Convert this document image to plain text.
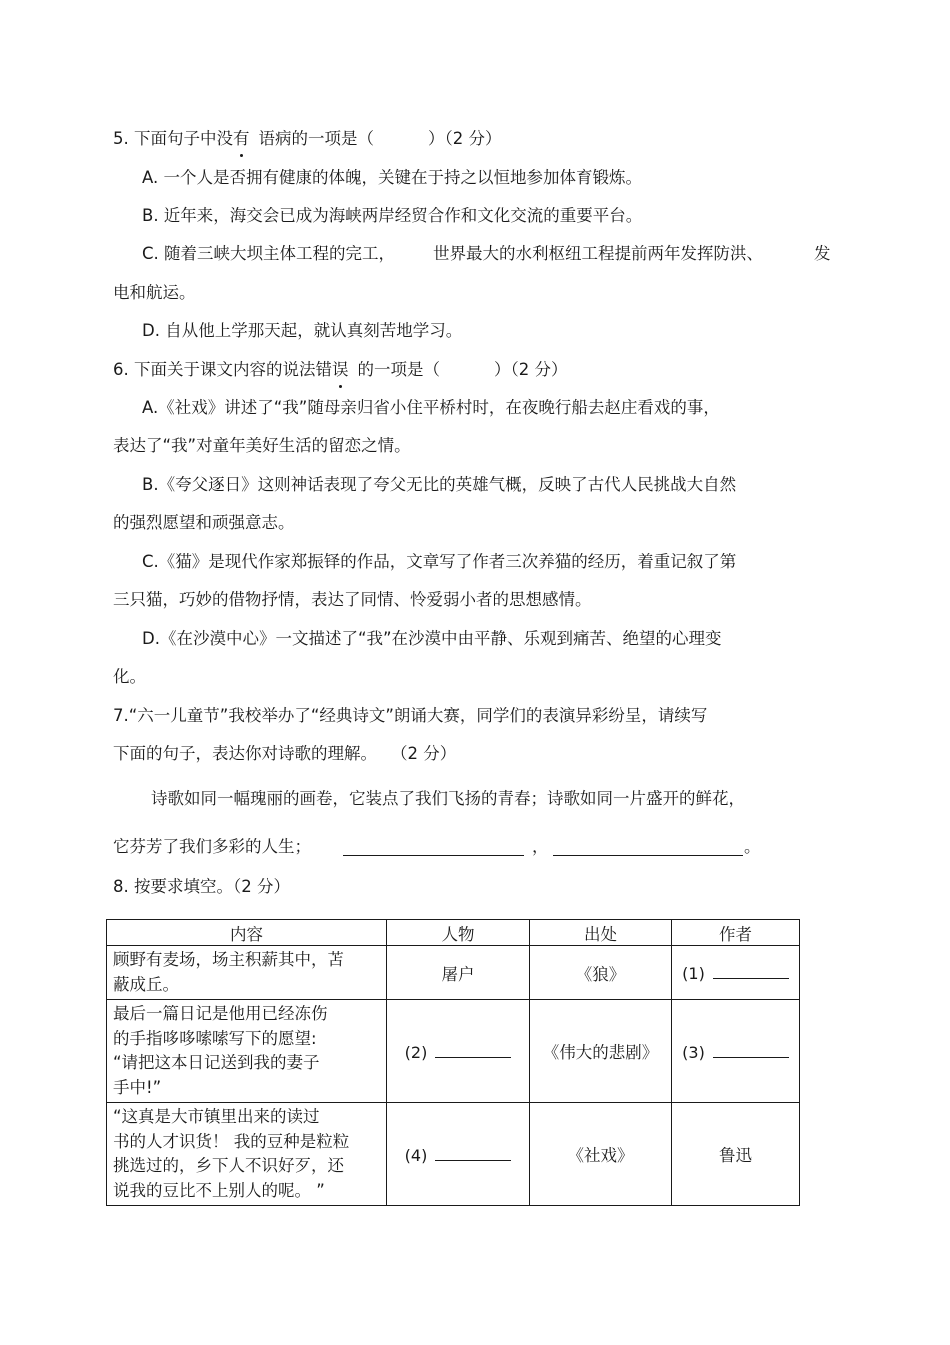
5. 下面句子中没有 语病的一项是（	）（2 分）
A. 一个人是否拥有健康的体魄，关键在于持之以恒地参加体育锻炼。
B. 近年来，海交会已成为海峡两岸经贸合作和文化交流的重要平台。
C. 随着三峡大坝主体工程的完工， 世界最大的水利枢纽工程提前两年发挥防洪、	发
电和航运。
D. 自从他上学那天起，就认真刻苦地学习。
6. 下面关于课文内容的说法错误 的一项是（	）（2 分）
A.《社戏》讲述了“我”随母亲归省小住平桥村时，在夜晚行船去赵庄看戏的事，
表达了“我”对童年美好生活的留恋之情。
B.《夸父逐日》这则神话表现了夸父无比的英雄气概，反映了古代人民挑战大自然
的强烈愿望和顽强意志。
C.《猫》是现代作家郑振铎的作品，文章写了作者三次养猫的经历，着重记叙了第
三只猫，巧妙的借物抒情，表达了同情、怜爱弱小者的思想感情。
D.《在沙漠中心》一文描述了“我”在沙漠中由平静、乐观到痛苦、绝望的心理变
化。
7.“六一儿童节”我校举办了“经典诗文”朗诵大赛，同学们的表演异彩纷呈，请续写
下面的句子，表达你对诗歌的理解。 （2 分）
诗歌如同一幅瑰丽的画卷，它装点了我们飞扬的青春；诗歌如同一片盛开的鲜花，
它芬芳了我们多彩的人生；	，	。
8. 按要求填空。（2 分）
内容	人物	出处	作者

顾野有麦场，场主积薪其中，苫
蔽成丘。	屠户	《狼》	(1)

最后一篇日记是他用已经冻伤
的手指哆哆嗦嗦写下的愿望:
“请把这本日记送到我的妻子
手中!”	(2)	《伟大的悲剧》	(3)

“这真是大市镇里出来的读过
书的人才识货！ 我的豆种是粒粒
挑选过的，乡下人不识好歹，还
说我的豆比不上别人的呢。 ”	(4)	《社戏》	鲁迅
